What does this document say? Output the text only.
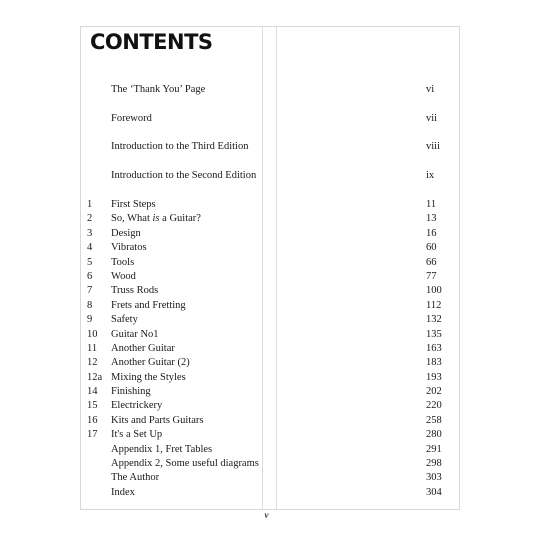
CONTENTS
The ‘Thank You’ Page	vi
Foreword	vii
Introduction to the Third Edition	viii
Introduction to the Second Edition	ix
1 First Steps	11
2 So, What is a Guitar?	13
3 Design	16
4 Vibratos	60
5 Tools	66
6 Wood	77
7 Truss Rods	100
8 Frets and Fretting	112
9 Safety	132
10 Guitar No1	135
11 Another Guitar	163
12 Another Guitar (2)	183
12a Mixing the Styles	193
14 Finishing	202
15 Electrickery	220
16 Kits and Parts Guitars	258
17 It's a Set Up	280
Appendix 1, Fret Tables	291
Appendix 2, Some useful diagrams	298
The Author	303
Index	304
v
